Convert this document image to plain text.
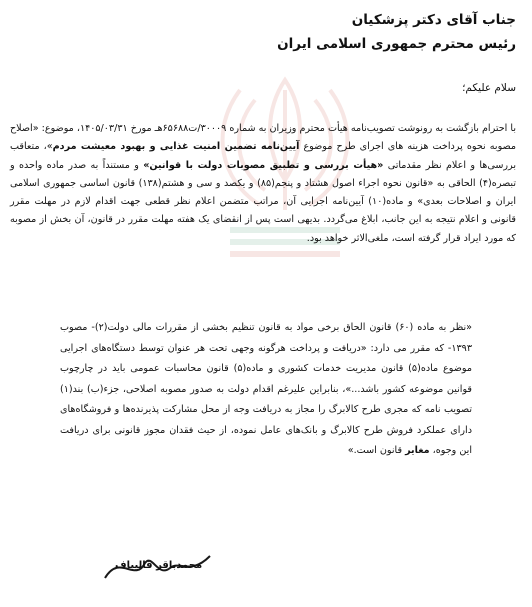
جناب آقای دکتر پزشکیان
رئیس محترم جمهوری اسلامی ایران
سلام علیکم؛
با احترام بازگشت به رونوشت تصویب‌نامه هیأت محترم وزیران به شماره ۳۰۰۰۹/ت۶۵۶۸۸هـ مورخ ۱۴۰۵/۰۳/۳۱، موضوع: «اصلاح مصوبه نحوه پرداخت هزینه های اجرای طرح موضوع آیین‌نامه تضمین امنیت غذایی و بهبود معیشت مردم»، متعاقب بررسی‌ها و اعلام نظر مقدماتی «هیأت بررسی و تطبیق مصوبات دولت با قوانین» و مستنداً به صدر ماده واحده و تبصره(۴) الحاقی به «قانون نحوه اجراء اصول هشتاد و پنجم(۸۵) و یکصد و سی و هشتم(۱۳۸) قانون اساسی جمهوری اسلامی ایران و اصلاحات بعدی» و ماده(۱۰) آیین‌نامه اجرایی آن، مراتب متضمن اعلام نظر قطعی جهت اقدام لازم در مهلت مقرر قانونی و اعلام نتیجه به این جانب، ابلاغ می‌گردد. بدیهی است پس از انقضای یک هفته مهلت مقرر در قانون، آن بخش از مصوبه که مورد ایراد قرار گرفته است، ملغی‌الاثر خواهد بود.
«نظر به ماده (۶۰) قانون الحاق برخی مواد به قانون تنظیم بخشی از مقررات مالی دولت(۲)- مصوب ۱۳۹۳- که مقرر می دارد: «دریافت و پرداخت هرگونه وجهی تحت هر عنوان توسط دستگاه‌های اجرایی موضوع ماده(۵) قانون مدیریت خدمات کشوری و ماده(۵) قانون محاسبات عمومی باید در چارچوب قوانین موضوعه کشور باشد...»، بنابراین علیرغم اقدام دولت به صدور مصوبه اصلاحی، جزء(ب) بند(۱) تصویب نامه که مجری طرح کالابرگ را مجاز به دریافت وجه از محل مشارکت پذیرنده‌ها و فروشگاه‌های دارای عملکرد فروش طرح کالابرگ و بانک‌های عامل نموده، از حیث فقدان مجوز قانونی برای دریافت این وجوه، مغایر قانون است.»
محمدباقر قالیباف
